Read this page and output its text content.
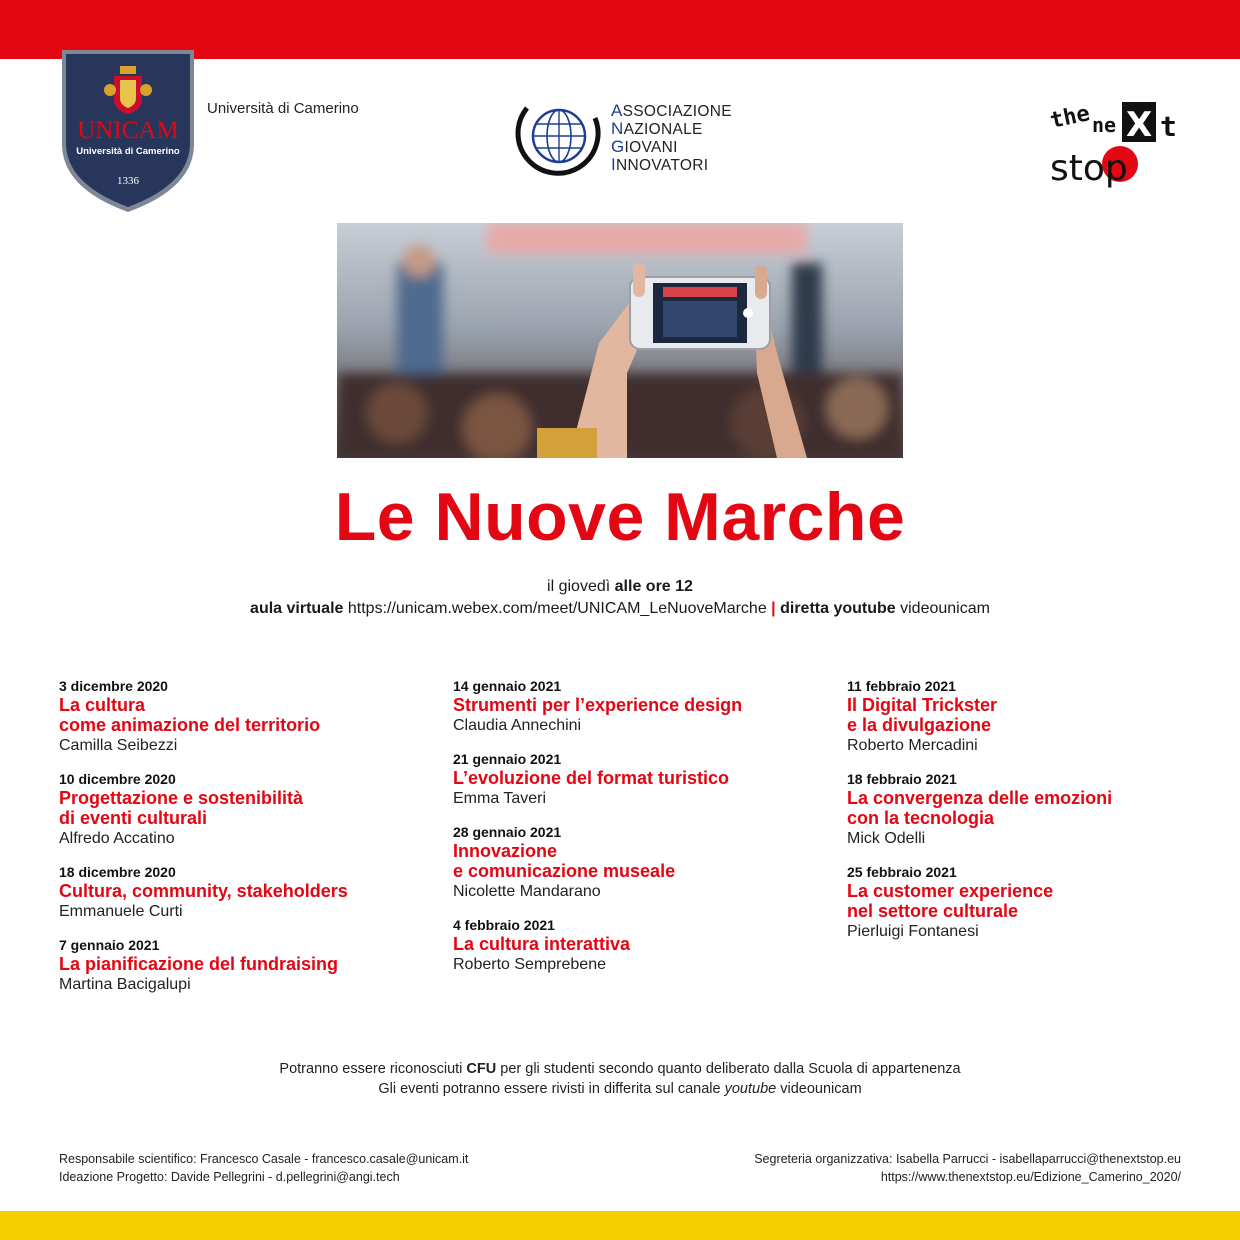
UNICAM
Università di Camerino
1336
Università di Camerino	ASSOCIAZIONE
NAZIONALE
GIOVANI
INNOVATORI
the ne X t
stop
Le Nuove Marche
il giovedì alle ore 12
aula virtuale https://unicam.webex.com/meet/UNICAM_LeNuoveMarche | diretta youtube videounicam
3 dicembre 2020
La cultura
come animazione del territorio
Camilla Seibezzi
10 dicembre 2020
Progettazione e sostenibilità
di eventi culturali
Alfredo Accatino
18 dicembre 2020
Cultura, community, stakeholders
Emmanuele Curti
7 gennaio 2021
La pianificazione del fundraising
Martina Bacigalupi
14 gennaio 2021
Strumenti per l’experience design
Claudia Annechini
21 gennaio 2021
L’evoluzione del format turistico
Emma Taveri
28 gennaio 2021
Innovazione
e comunicazione museale
Nicolette Mandarano
4 febbraio 2021
La cultura interattiva
Roberto Semprebene
11 febbraio 2021
Il Digital Trickster
e la divulgazione
Roberto Mercadini
18 febbraio 2021
La convergenza delle emozioni
con la tecnologia
Mick Odelli
25 febbraio 2021
La customer experience
nel settore culturale
Pierluigi Fontanesi
Potranno essere riconosciuti CFU per gli studenti secondo quanto deliberato dalla Scuola di appartenenza
Gli eventi potranno essere rivisti in differita sul canale youtube videounicam
Responsabile scientifico: Francesco Casale - francesco.casale@unicam.it
Ideazione Progetto: Davide Pellegrini - d.pellegrini@angi.tech
Segreteria organizzativa: Isabella Parrucci - isabellaparrucci@thenextstop.eu
https://www.thenextstop.eu/Edizione_Camerino_2020/
